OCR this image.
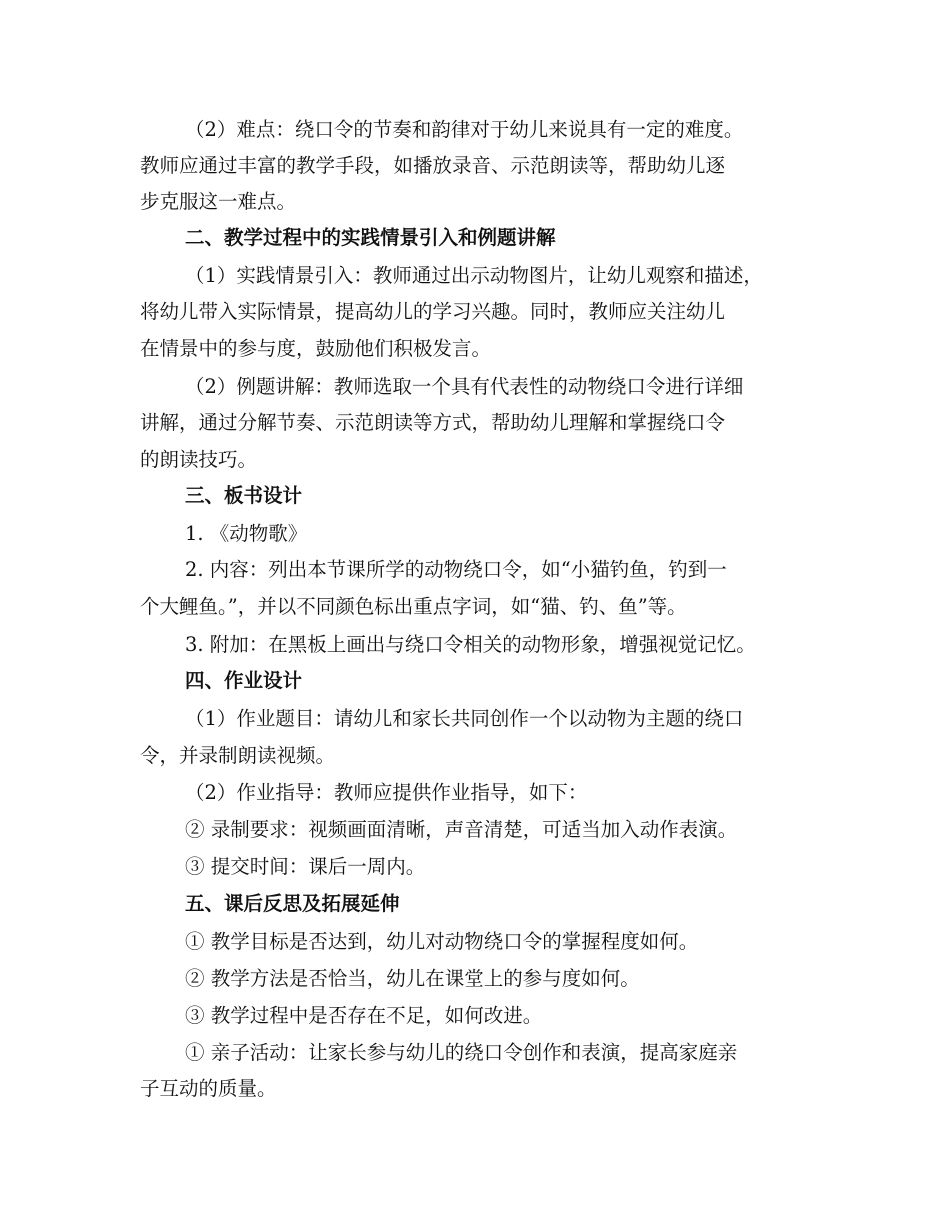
（2）难点：绕口令的节奏和韵律对于幼儿来说具有一定的难度。
教师应通过丰富的教学手段，如播放录音、示范朗读等，帮助幼儿逐
步克服这一难点。
二、教学过程中的实践情景引入和例题讲解
（1）实践情景引入：教师通过出示动物图片，让幼儿观察和描述，
将幼儿带入实际情景，提高幼儿的学习兴趣。同时，教师应关注幼儿
在情景中的参与度，鼓励他们积极发言。
（2）例题讲解：教师选取一个具有代表性的动物绕口令进行详细
讲解，通过分解节奏、示范朗读等方式，帮助幼儿理解和掌握绕口令
的朗读技巧。
三、板书设计
1. 《动物歌》
2. 内容：列出本节课所学的动物绕口令，如“小猫钓鱼，钓到一
个大鲤鱼。”，并以不同颜色标出重点字词，如“猫、钓、鱼”等。
3. 附加：在黑板上画出与绕口令相关的动物形象，增强视觉记忆。
四、作业设计
（1）作业题目：请幼儿和家长共同创作一个以动物为主题的绕口
令，并录制朗读视频。
（2）作业指导：教师应提供作业指导，如下：
② 录制要求：视频画面清晰，声音清楚，可适当加入动作表演。
③ 提交时间：课后一周内。
五、课后反思及拓展延伸
① 教学目标是否达到，幼儿对动物绕口令的掌握程度如何。
② 教学方法是否恰当，幼儿在课堂上的参与度如何。
③ 教学过程中是否存在不足，如何改进。
① 亲子活动：让家长参与幼儿的绕口令创作和表演，提高家庭亲
子互动的质量。
